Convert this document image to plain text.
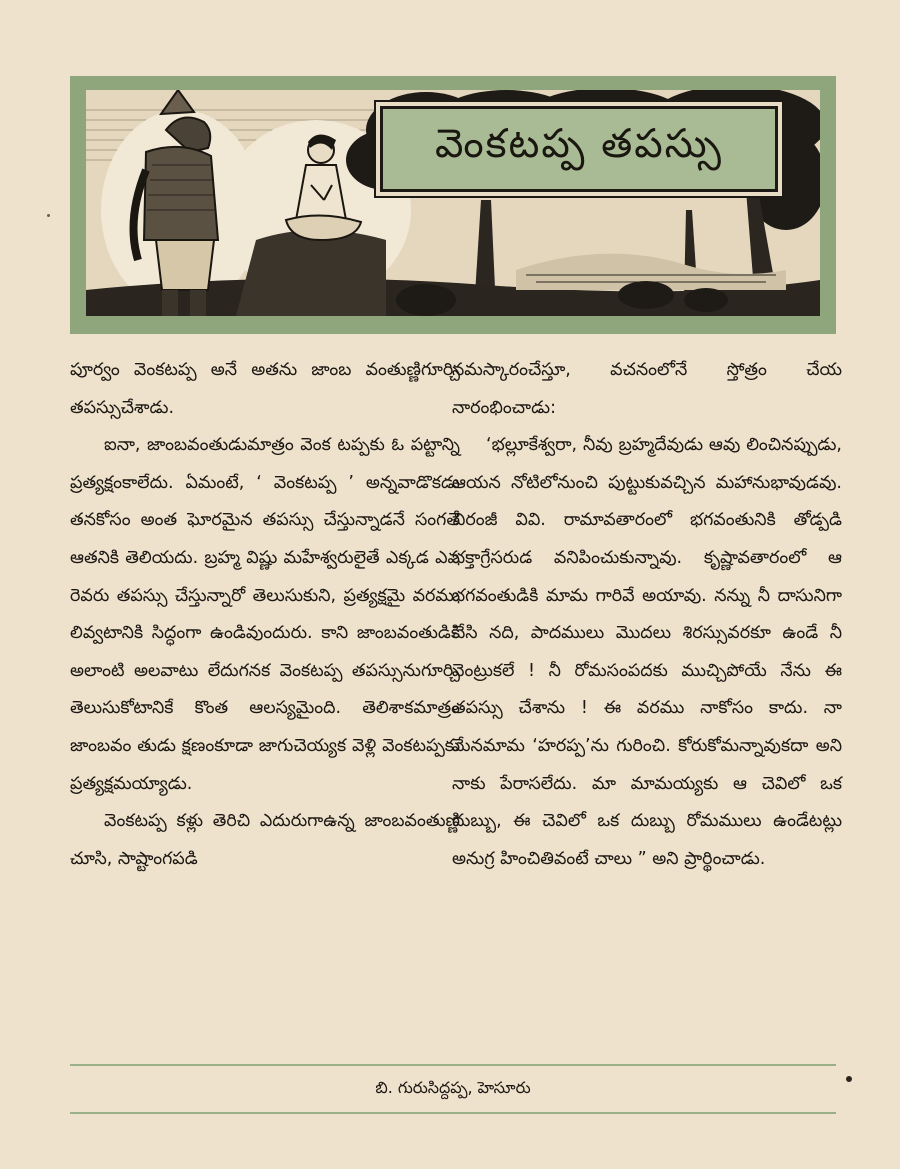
వెంకటప్ప తపస్సు

పూర్వం వెంకటప్ప అనే అతను జాంబ వంతుణ్ణిగూర్చి తపస్సుచేశాడు.

ఐనా, జాంబవంతుడుమాత్రం వెంక టప్పకు ఓ పట్టాన్ని ప్రత్యక్షంకాలేదు. ఏమంటే, ‘ వెంకటప్ప ’ అన్నవాడొకడు తనకోసం అంత ఘోరమైన తపస్సు చేస్తున్నాడనే సంగతే ఆతనికి తెలియదు. బ్రహ్మ విష్ణు మహేశ్వరులైతే ఎక్కడ ఎవ రెవరు తపస్సు చేస్తున్నారో తెలుసుకుని, ప్రత్యక్షమై వరము లివ్వటానికి సిద్ధంగా ఉండివుందురు. కాని జాంబవంతుడికి అలాంటి అలవాటు లేదుగనక వెంకటప్ప తపస్సునుగూర్చి తెలుసుకోటానికే కొంత ఆలస్యమైంది. తెలిశాకమాత్రం జాంబవం తుడు క్షణంకూడా జాగుచెయ్యక వెళ్లి వెంకటప్పకు ప్రత్యక్షమయ్యాడు.

వెంకటప్ప కళ్లు తెరిచి ఎదురుగాఉన్న జాంబవంతుణ్ణి చూసి, సాష్టాంగపడి

నమస్కారంచేస్తూ, వచనంలోనే స్తోత్రం చేయ నారంభించాడు:

‘భల్లూకేశ్వరా, నీవు బ్రహ్మదేవుడు ఆవు లించినప్పుడు, ఆయన నోటిలోనుంచి పుట్టుకువచ్చిన మహానుభావుడవు. చిరంజీ వివి. రామావతారంలో భగవంతునికి తోడ్పడి భక్తాగ్రేసరుడ వనిపించుకున్నావు. కృష్ణావతారంలో ఆ భగవంతుడికి మామ గారివే అయావు. నన్ను నీ దాసునిగా చేసి నది, పాదములు మొదలు శిరస్సువరకూ ఉండే నీ వెంట్రుకలే ! నీ రోమసంపదకు ముచ్చిపోయే నేను ఈ తపస్సు చేశాను ! ఈ వరము నాకోసం కాదు. నా మేనమామ ‘హరప్ప’ను గురించి. కోరుకోమన్నావుకదా అని నాకు పేరాసలేదు. మా మామయ్యకు ఆ చెవిలో ఒక దుబ్బు, ఈ చెవిలో ఒక దుబ్బు రోమములు ఉండేటట్లు అనుగ్ర హించితివంటే చాలు ” అని ప్రార్థించాడు.

బి. గురుసిద్దప్ప, హెసూరు
